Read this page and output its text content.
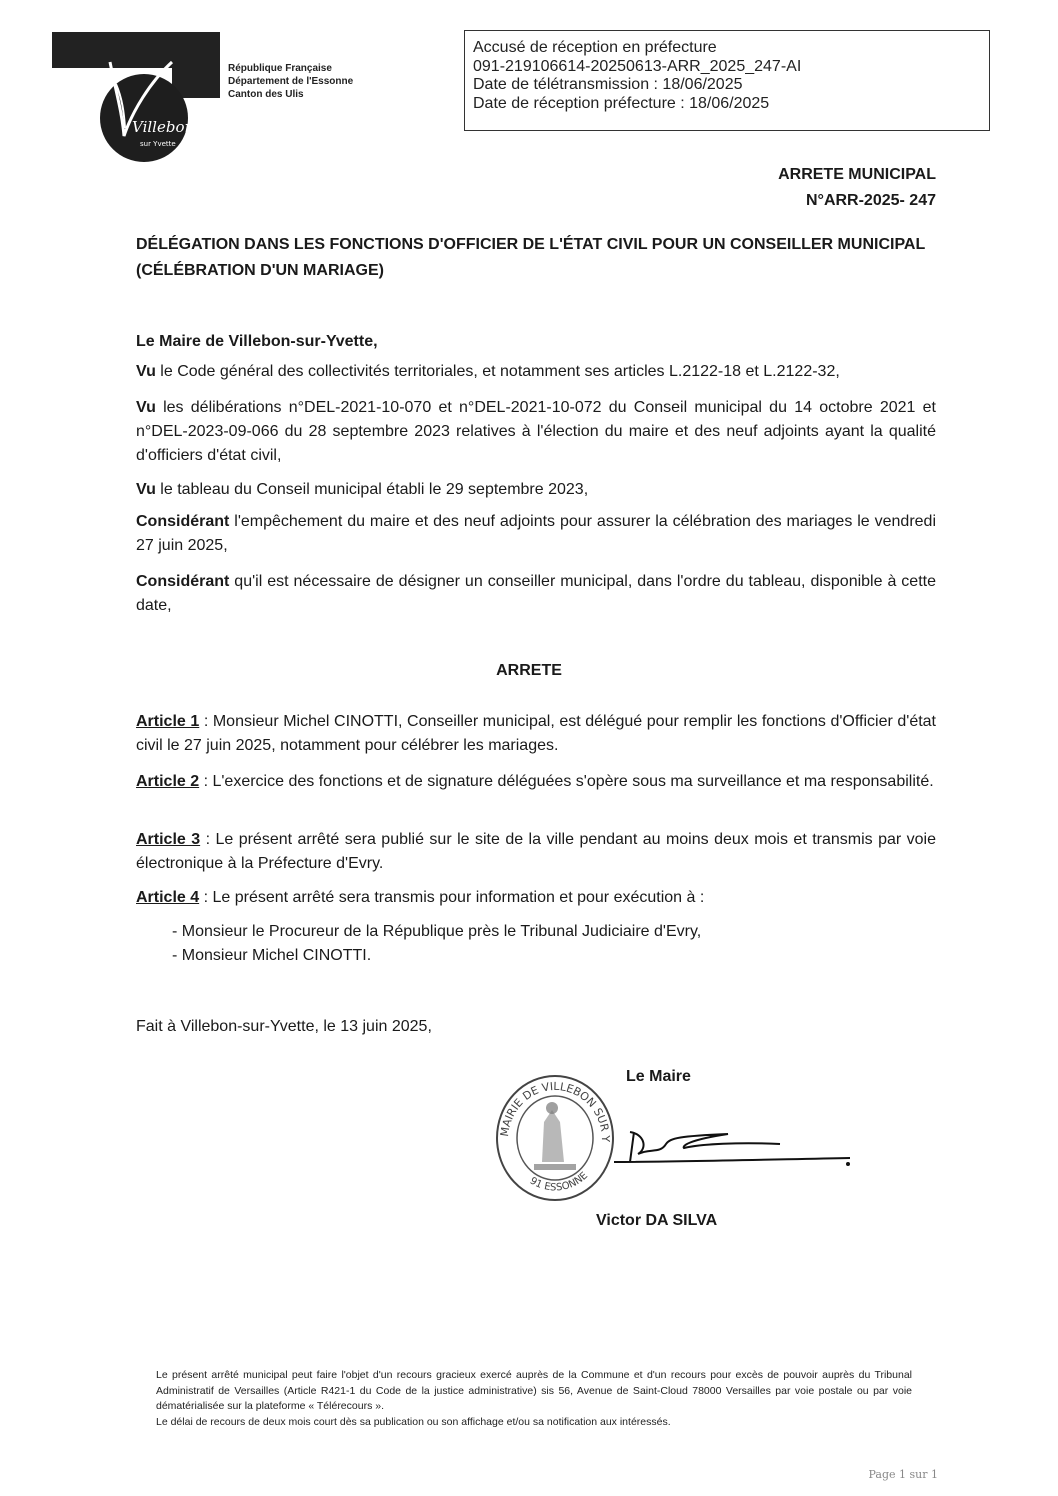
Villebon
sur Yvette
République Française
Département de l'Essonne
Canton des Ulis
Accusé de réception en préfecture
091-219106614-20250613-ARR_2025_247-AI
Date de télétransmission : 18/06/2025
Date de réception préfecture : 18/06/2025
ARRETE MUNICIPAL
N°ARR-2025- 247
DÉLÉGATION DANS LES FONCTIONS D'OFFICIER DE L'ÉTAT CIVIL POUR UN CONSEILLER MUNICIPAL (CÉLÉBRATION D'UN MARIAGE)
Le Maire de Villebon-sur-Yvette,
Vu le Code général des collectivités territoriales, et notamment ses articles L.2122-18 et L.2122-32,
Vu les délibérations n°DEL-2021-10-070 et n°DEL-2021-10-072 du Conseil municipal du 14 octobre 2021 et n°DEL-2023-09-066 du 28 septembre 2023 relatives à l'élection du maire et des neuf adjoints ayant la qualité d'officiers d'état civil,
Vu le tableau du Conseil municipal établi le 29 septembre 2023,
Considérant l'empêchement du maire et des neuf adjoints pour assurer la célébration des mariages le vendredi 27 juin 2025,
Considérant qu'il est nécessaire de désigner un conseiller municipal, dans l'ordre du tableau, disponible à cette date,
ARRETE
Article 1 : Monsieur Michel CINOTTI, Conseiller municipal, est délégué pour remplir les fonctions d'Officier d'état civil le 27 juin 2025, notamment pour célébrer les mariages.
Article 2 : L'exercice des fonctions et de signature déléguées s'opère sous ma surveillance et ma responsabilité.
Article 3 : Le présent arrêté sera publié sur le site de la ville pendant au moins deux mois et transmis par voie électronique à la Préfecture d'Evry.
Article 4 : Le présent arrêté sera transmis pour information et pour exécution à :
- Monsieur le Procureur de la République près le Tribunal Judiciaire d'Evry,
- Monsieur Michel CINOTTI.
Fait à Villebon-sur-Yvette, le 13 juin 2025,
Le Maire
MAIRIE DE VILLEBON SUR Y
91 ESSONNE
Victor DA SILVA
Le présent arrêté municipal peut faire l'objet d'un recours gracieux exercé auprès de la Commune et d'un recours pour excès de pouvoir auprès du Tribunal Administratif de Versailles (Article R421-1 du Code de la justice administrative) sis 56, Avenue de Saint-Cloud 78000 Versailles par voie postale ou par voie dématérialisée sur la plateforme « Télérecours ».
Le délai de recours de deux mois court dès sa publication ou son affichage et/ou sa notification aux intéressés.
Page 1 sur 1
